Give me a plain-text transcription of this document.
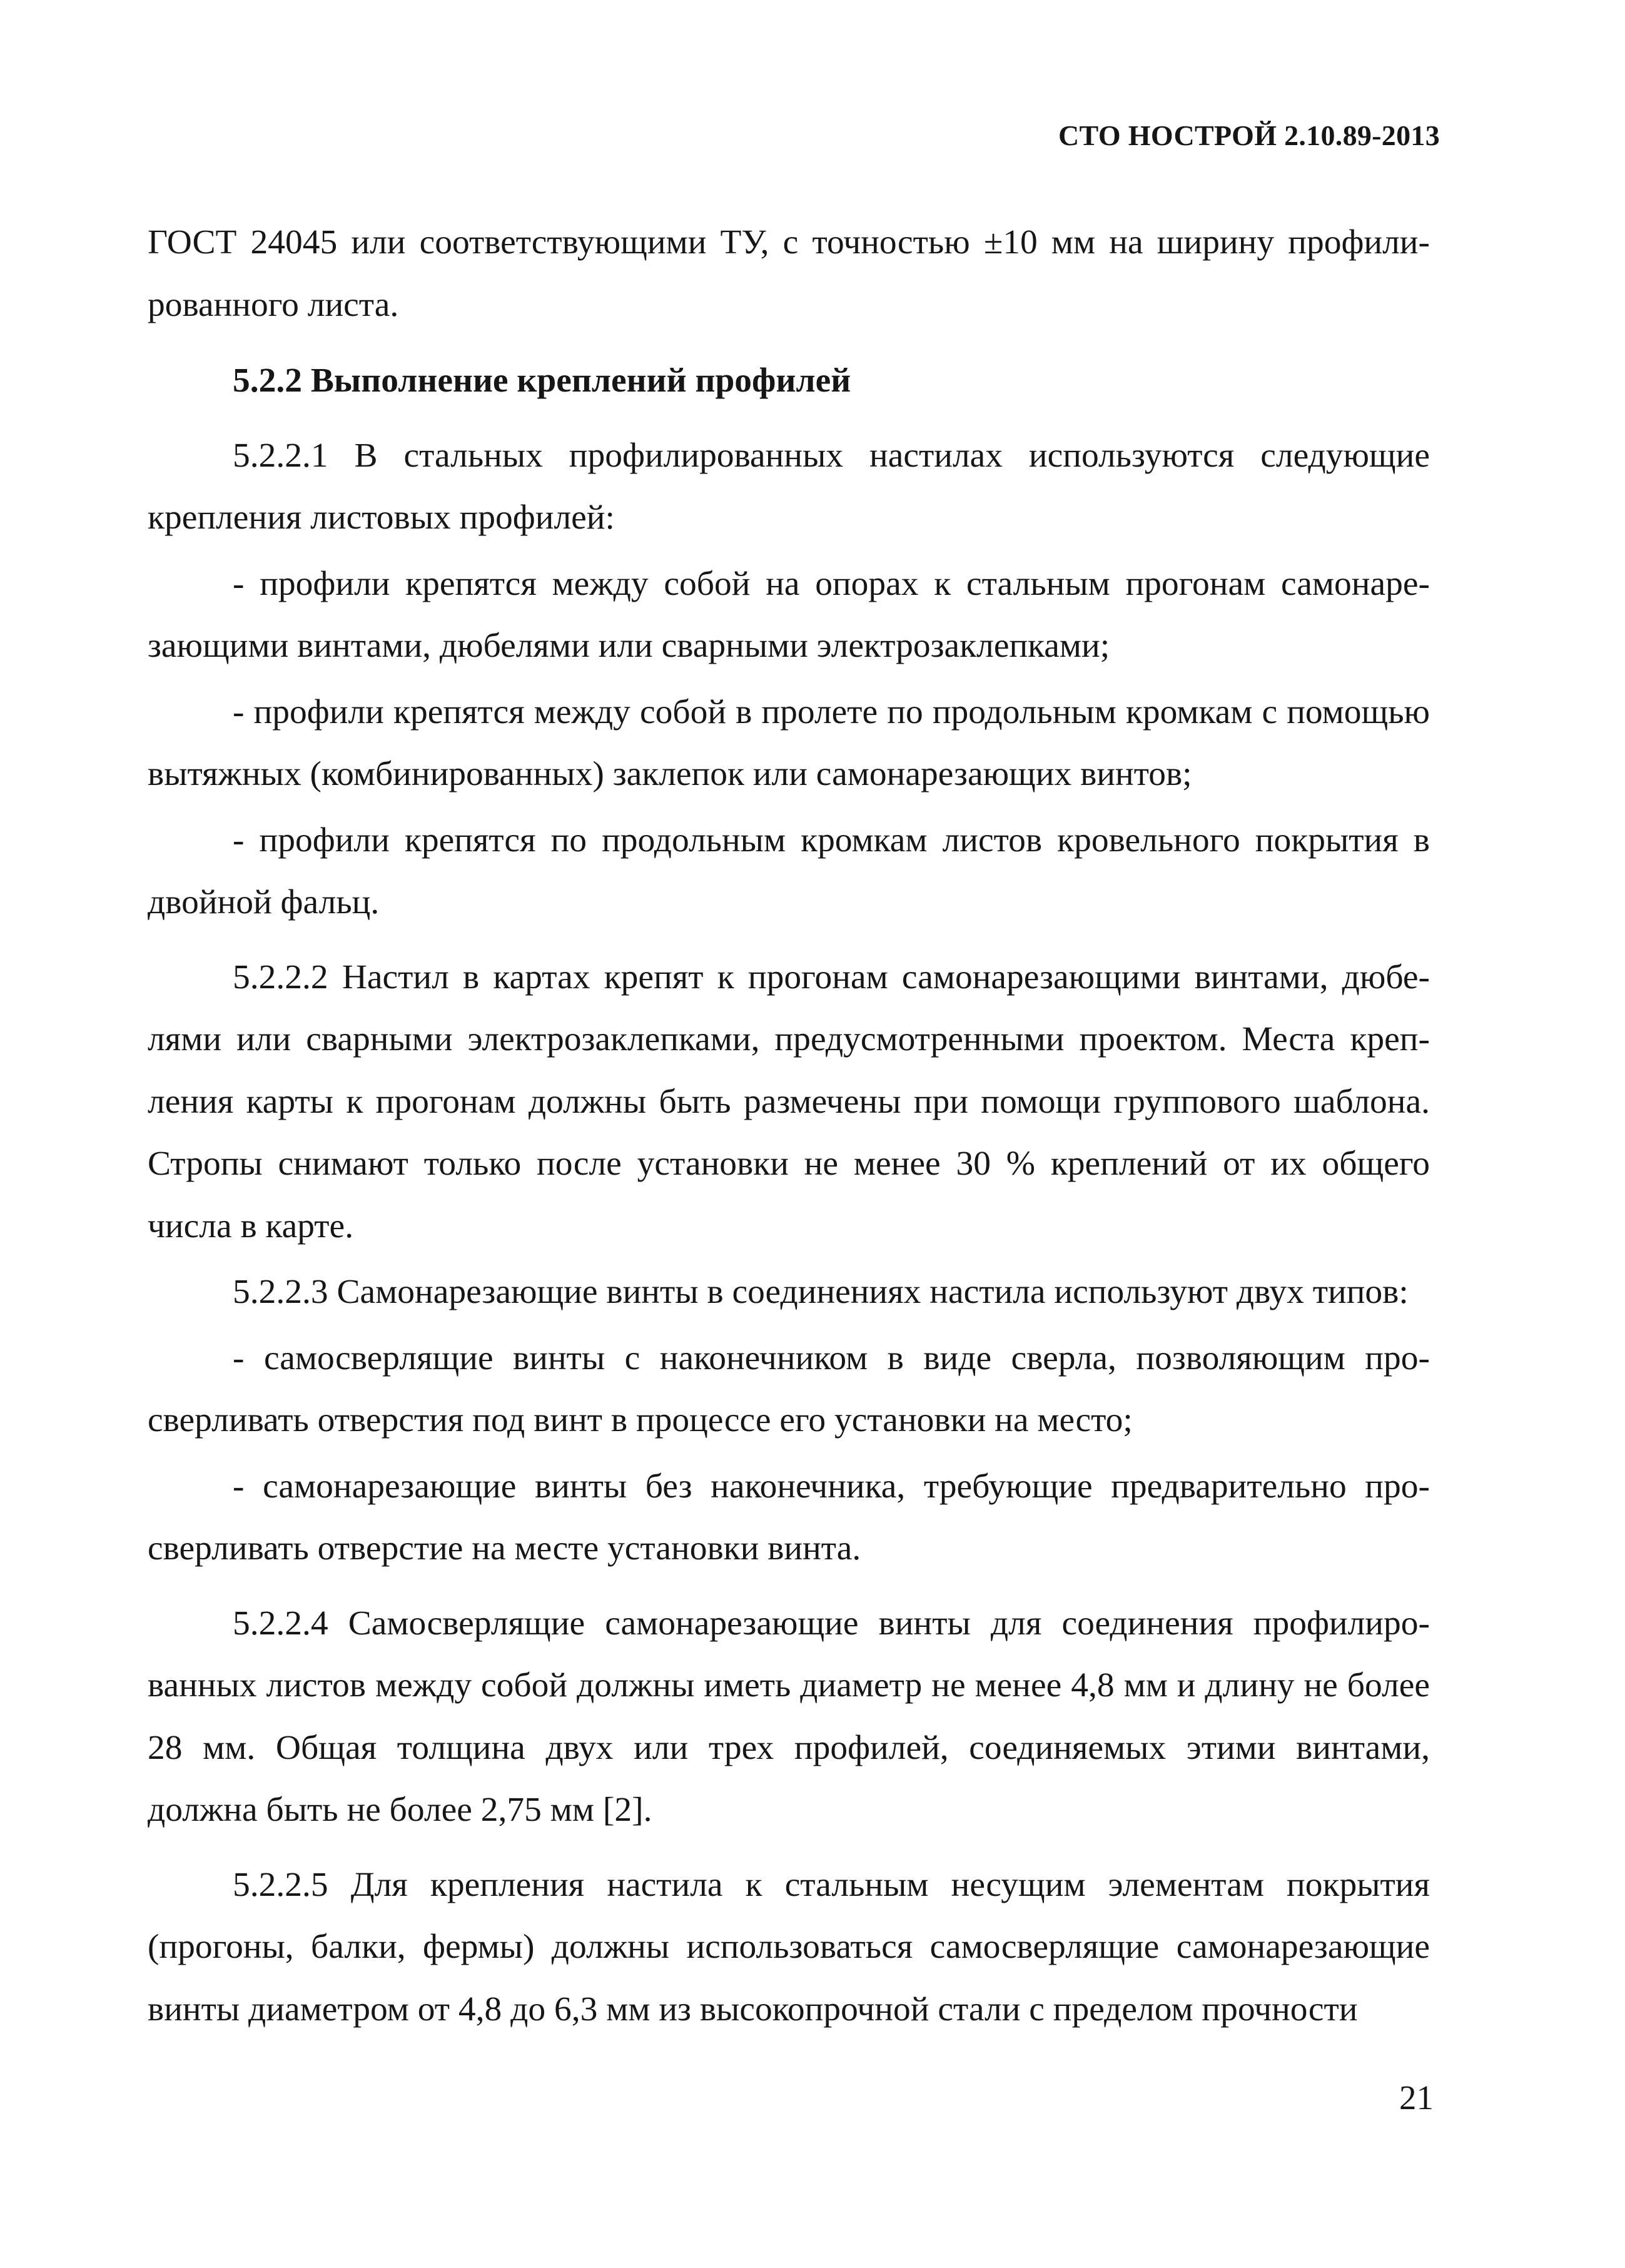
СТО НОСТРОЙ 2.10.89-2013

ГОСТ 24045 или соответствующими ТУ, с точностью ±10 мм на ширину профилированного листа.

5.2.2 Выполнение креплений профилей

5.2.2.1 В стальных профилированных настилах используются следующие крепления листовых профилей:

- профили крепятся между собой на опорах к стальным прогонам самонарезающими винтами, дюбелями или сварными электрозаклепками;

- профили крепятся между собой в пролете по продольным кромкам с помощью вытяжных (комбинированных) заклепок или самонарезающих винтов;

- профили крепятся по продольным кромкам листов кровельного покрытия в двойной фальц.

5.2.2.2 Настил в картах крепят к прогонам самонарезающими винтами, дюбелями или сварными электрозаклепками, предусмотренными проектом. Места крепления карты к прогонам должны быть размечены при помощи группового шаблона. Стропы снимают только после установки не менее 30 % креплений от их общего числа в карте.

5.2.2.3 Самонарезающие винты в соединениях настила используют двух типов:

- самосверлящие винты с наконечником в виде сверла, позволяющим просверливать отверстия под винт в процессе его установки на место;

- самонарезающие винты без наконечника, требующие предварительно просверливать отверстие на месте установки винта.

5.2.2.4 Самосверлящие самонарезающие винты для соединения профилированных листов между собой должны иметь диаметр не менее 4,8 мм и длину не более 28 мм. Общая толщина двух или трех профилей, соединяемых этими винтами, должна быть не более 2,75 мм [2].

5.2.2.5 Для крепления настила к стальным несущим элементам покрытия (прогоны, балки, фермы) должны использоваться самосверлящие самонарезающие винты диаметром от 4,8 до 6,3 мм из высокопрочной стали с пределом прочности

21
